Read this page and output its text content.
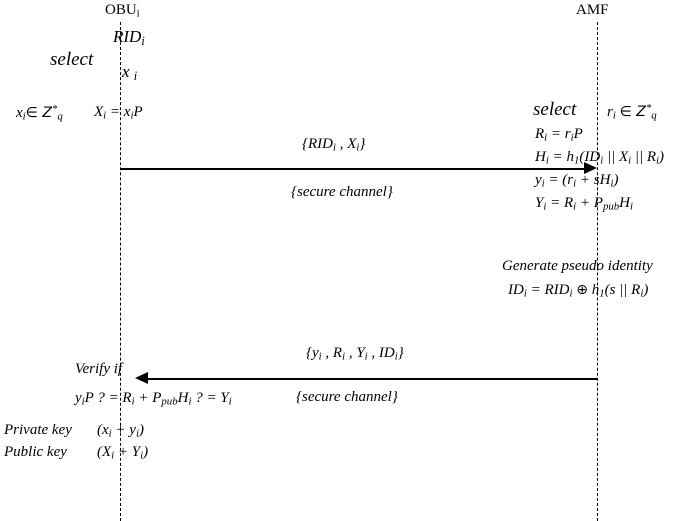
$OBU_i$	AMF
$RID_i$
select
x $_i$
$x_i\in$ $Z^*_q$ $X_i = x_iP$	select $r_i$ ∈ $Z^*_q$
$R_i = r_iP$
$H_i = h_1(ID_i$ || $X_i$ || $R_i$)
$y_i = (r_i + sH_i)$
$Y_i = R_i + P_{pub}H_i$
Generate pseudo identity
$ID_i = RID_i$ ⊕ $h_1(s$ || $R_i$)
{$RID_i$ , $X_i$}
{secure channel}
{$y_i$ , $R_i$ , $Y_i$ , $ID_i$}
{secure channel}
Verify if
$y_iP$ ? = $R_i + P_{pub}H_i$ ? = $Y_i$
Private key $(x_i + y_i)$
Public key $(X_i + Y_i)$
